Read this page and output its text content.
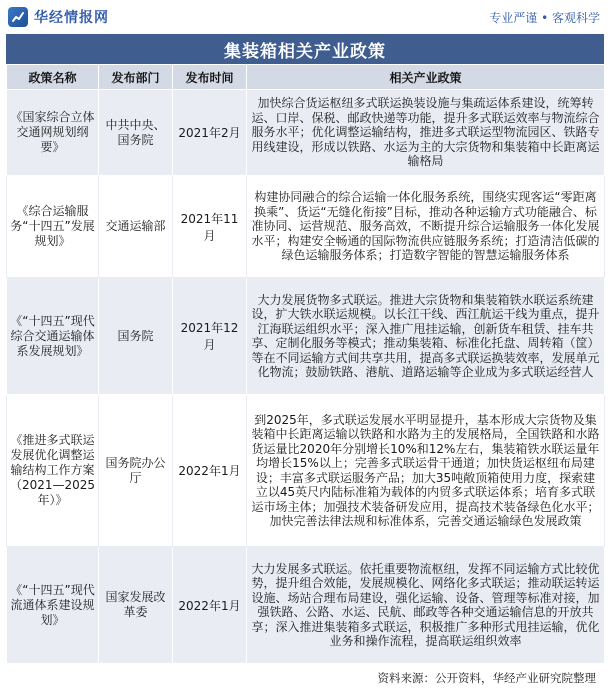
华经情报网	专业严谨 • 客观科学
集装箱相关产业政策
政策名称	发布部门	发布时间	相关产业政策
《国家综合立体交通网规划纲要》	中共中央、国务院	2021年2月	加快综合货运枢纽多式联运换装设施与集疏运体系建设，统筹转运、口岸、保税、邮政快递等功能，提升多式联运效率与物流综合服务水平；优化调整运输结构，推进多式联运型物流园区、铁路专用线建设，形成以铁路、水运为主的大宗货物和集装箱中长距离运输格局
《综合运输服务“十四五”发展规划》	交通运输部	2021年11月	构建协同融合的综合运输一体化服务系统，围绕实现客运“零距离换乘”、货运“无缝化衔接”目标，推动各种运输方式功能融合、标准协同、运营规范、服务高效，不断提升综合运输服务一体化发展水平；构建安全畅通的国际物流供应链服务系统；打造清洁低碳的绿色运输服务体系；打造数字智能的智慧运输服务体系
《“十四五”现代综合交通运输体系发展规划》	国务院	2021年12月	大力发展货物多式联运。推进大宗货物和集装箱铁水联运系统建设，扩大铁水联运规模。以长江干线、西江航运干线为重点，提升江海联运组织水平；深入推广甩挂运输，创新货车租赁、挂车共享、定制化服务等模式；推动集装箱、标准化托盘、周转箱（筐）等在不同运输方式间共享共用，提高多式联运换装效率，发展单元化物流；鼓励铁路、港航、道路运输等企业成为多式联运经营人
《推进多式联运发展优化调整运输结构工作方案（2021—2025年）》	国务院办公厅	2022年1月	到2025年，多式联运发展水平明显提升，基本形成大宗货物及集装箱中长距离运输以铁路和水路为主的发展格局，全国铁路和水路货运量比2020年分别增长10%和12%左右，集装箱铁水联运量年均增长15%以上；完善多式联运骨干通道；加快货运枢纽布局建设；丰富多式联运服务产品；加大35吨敞顶箱使用力度，探索建立以45英尺内陆标准箱为载体的内贸多式联运体系；培育多式联运市场主体；加强技术装备研发应用，提高技术装备绿色化水平；加快完善法律法规和标准体系，完善交通运输绿色发展政策
《“十四五”现代流通体系建设规划》	国家发展改革委	2022年1月	大力发展多式联运。依托重要物流枢纽，发挥不同运输方式比较优势，提升组合效能，发展规模化、网络化多式联运；推动联运转运设施、场站合理布局建设，强化运输、设备、管理等标准对接，加强铁路、公路、水运、民航、邮政等各种交通运输信息的开放共享；深入推进集装箱多式联运，积极推广多种形式甩挂运输，优化业务和操作流程，提高联运组织效率
资料来源：公开资料，华经产业研究院整理
